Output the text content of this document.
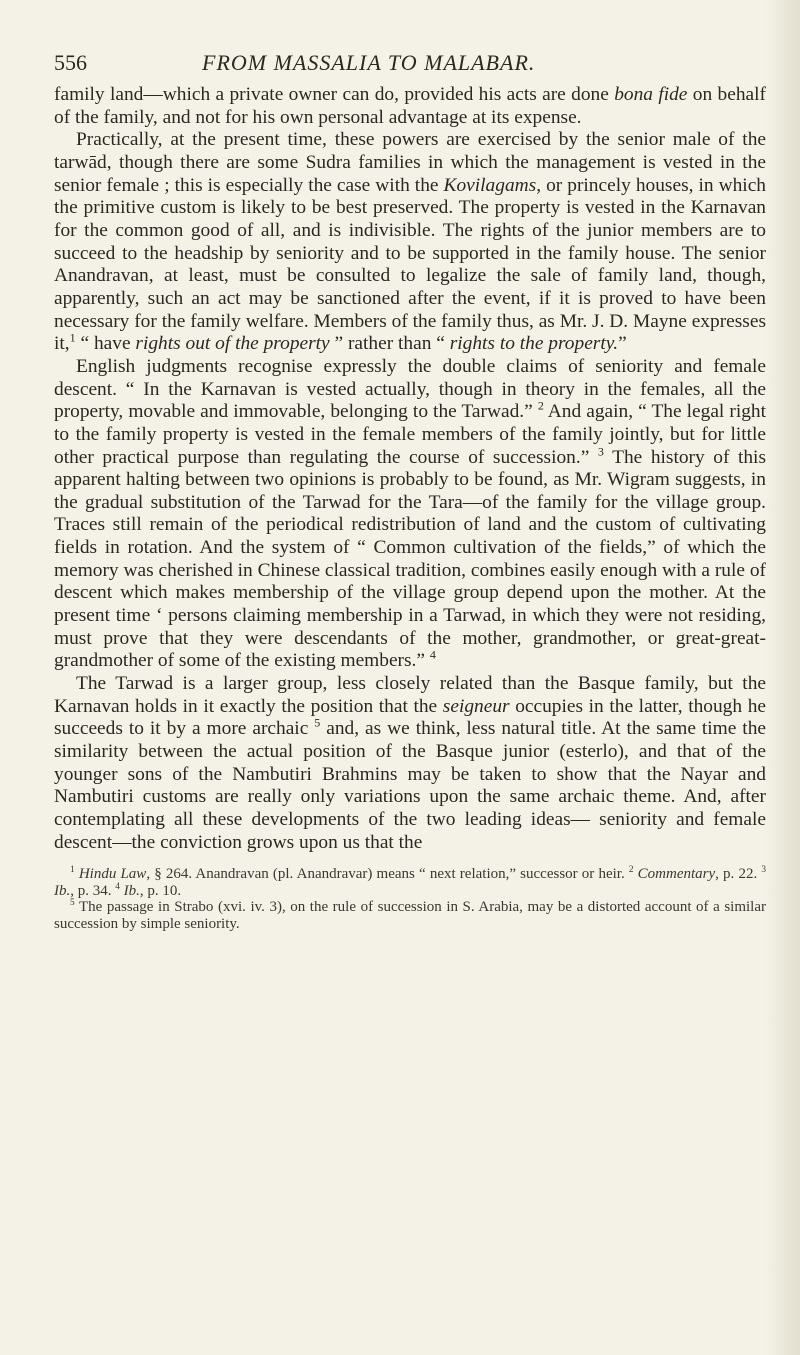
556	FROM MASSALIA TO MALABAR.

family land—which a private owner can do, provided his acts are done bona fide on behalf of the family, and not for his own personal advantage at its expense.

Practically, at the present time, these powers are exercised by the senior male of the tarwād, though there are some Sudra families in which the management is vested in the senior female ; this is especially the case with the Kovilagams, or princely houses, in which the primitive custom is likely to be best preserved. The property is vested in the Karnavan for the common good of all, and is indivisible. The rights of the junior members are to succeed to the headship by seniority and to be supported in the family house. The senior Anandravan, at least, must be consulted to legalize the sale of family land, though, apparently, such an act may be sanctioned after the event, if it is proved to have been necessary for the family welfare. Members of the family thus, as Mr. J. D. Mayne expresses it,$^1$ “ have rights out of the property ” rather than “ rights to the property.”

English judgments recognise expressly the double claims of seniority and female descent. “ In the Karnavan is vested actually, though in theory in the females, all the property, movable and immovable, belonging to the Tarwad.” $^2$ And again, “ The legal right to the family property is vested in the female members of the family jointly, but for little other practical purpose than regulating the course of succession.” $^3$ The history of this apparent halting between two opinions is probably to be found, as Mr. Wigram suggests, in the gradual substitution of the Tarwad for the Tara—of the family for the village group. Traces still remain of the periodical redistribution of land and the custom of cultivating fields in rotation. And the system of “ Common cultivation of the fields,” of which the memory was cherished in Chinese classical tradition, combines easily enough with a rule of descent which makes membership of the village group depend upon the mother. At the present time ‘ persons claiming membership in a Tarwad, in which they were not residing, must prove that they were descendants of the mother, grandmother, or great-great-grandmother of some of the existing members.” $^4$

The Tarwad is a larger group, less closely related than the Basque family, but the Karnavan holds in it exactly the position that the seigneur occupies in the latter, though he succeeds to it by a more archaic $^5$ and, as we think, less natural title. At the same time the similarity between the actual position of the Basque junior (esterlo), and that of the younger sons of the Nambutiri Brahmins may be taken to show that the Nayar and Nambutiri customs are really only variations upon the same archaic theme. And, after contemplating all these developments of the two leading ideas— seniority and female descent—the conviction grows upon us that the

$^1$ Hindu Law, § 264. Anandravan (pl. Anandravar) means “ next relation,” successor or heir. $^2$ Commentary, p. 22. $^3$ Ib., p. 34. $^4$ Ib., p. 10.

$^5$ The passage in Strabo (xvi. iv. 3), on the rule of succession in S. Arabia, may be a distorted account of a similar succession by simple seniority.
